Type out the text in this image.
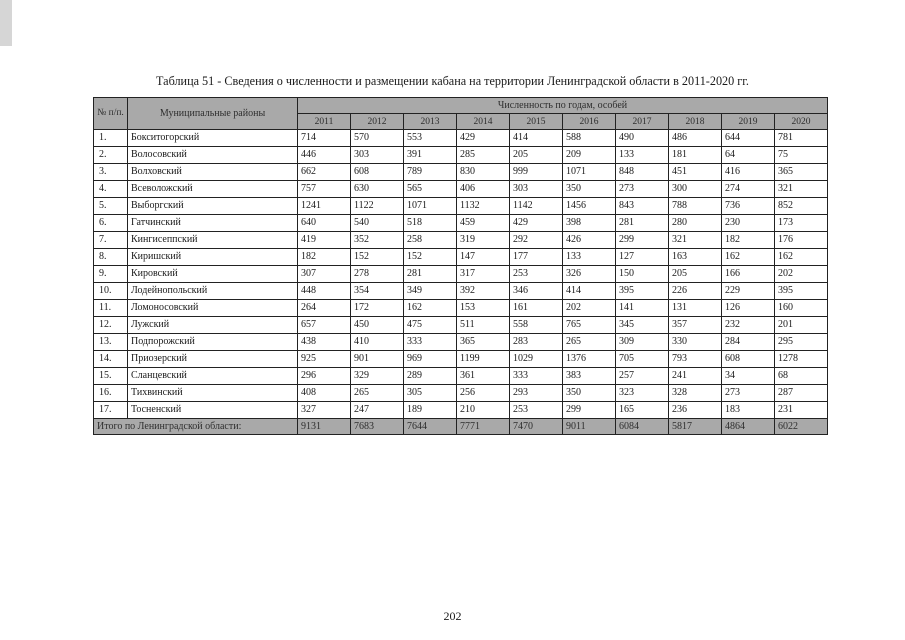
Таблица 51 - Сведения о численности и размещении кабана на территории Ленинградской области в 2011-2020 гг.
№ п/п.	Муниципальные районы	Численность по годам, особей									
		2011	2012	2013	2014	2015	2016	2017	2018	2019	2020
1.	Бокситогорский	714	570	553	429	414	588	490	486	644	781
2.	Волосовский	446	303	391	285	205	209	133	181	64	75
3.	Волховский	662	608	789	830	999	1071	848	451	416	365
4.	Всеволожский	757	630	565	406	303	350	273	300	274	321
5.	Выборгский	1241	1122	1071	1132	1142	1456	843	788	736	852
6.	Гатчинский	640	540	518	459	429	398	281	280	230	173
7.	Кингисеппский	419	352	258	319	292	426	299	321	182	176
8.	Киришский	182	152	152	147	177	133	127	163	162	162
9.	Кировский	307	278	281	317	253	326	150	205	166	202
10.	Лодейнопольский	448	354	349	392	346	414	395	226	229	395
11.	Ломоносовский	264	172	162	153	161	202	141	131	126	160
12.	Лужский	657	450	475	511	558	765	345	357	232	201
13.	Подпорожский	438	410	333	365	283	265	309	330	284	295
14.	Приозерский	925	901	969	1199	1029	1376	705	793	608	1278
15.	Сланцевский	296	329	289	361	333	383	257	241	34	68
16.	Тихвинский	408	265	305	256	293	350	323	328	273	287
17.	Тосненский	327	247	189	210	253	299	165	236	183	231
Итого по Ленинградской области:		9131	7683	7644	7771	7470	9011	6084	5817	4864	6022
202
